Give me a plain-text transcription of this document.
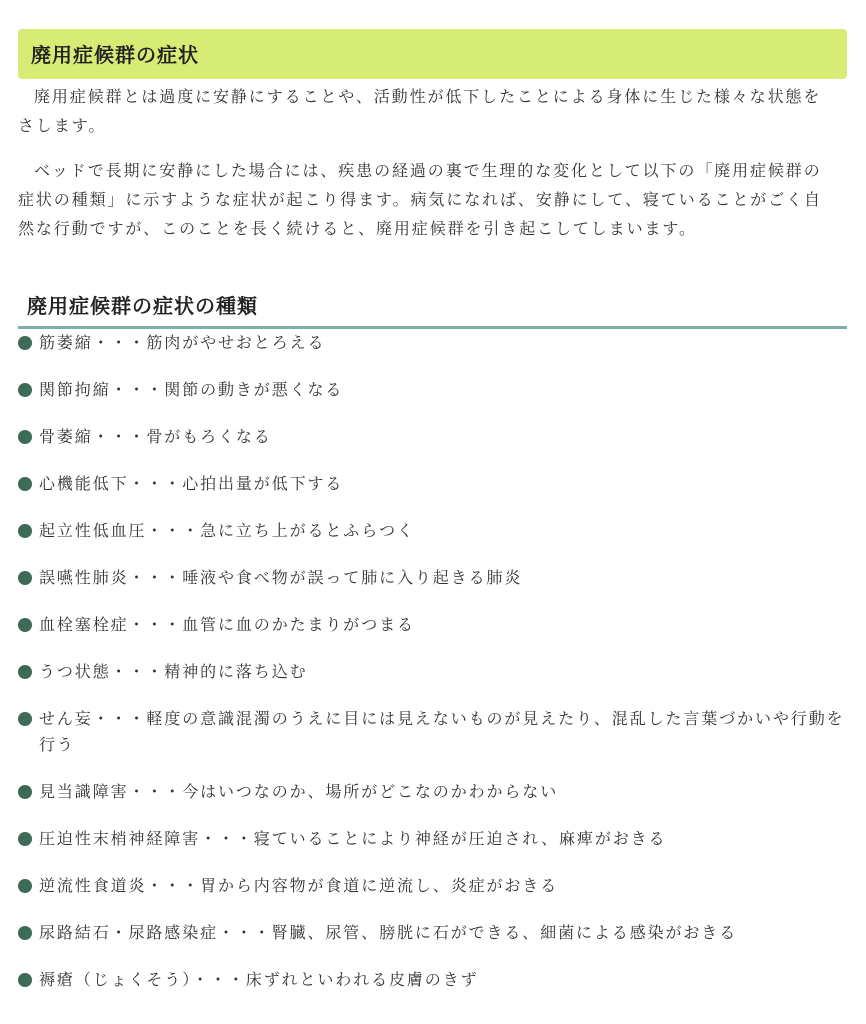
廃用症候群の症状

廃用症候群とは過度に安静にすることや、活動性が低下したことによる身体に生じた様々な状態をさします。

ベッドで長期に安静にした場合には、疾患の経過の裏で生理的な変化として以下の「廃用症候群の症状の種類」に示すような症状が起こり得ます。病気になれば、安静にして、寝ていることがごく自然な行動ですが、このことを長く続けると、廃用症候群を引き起こしてしまいます。

廃用症候群の症状の種類
筋萎縮・・・筋肉がやせおとろえる
関節拘縮・・・関節の動きが悪くなる
骨萎縮・・・骨がもろくなる
心機能低下・・・心拍出量が低下する
起立性低血圧・・・急に立ち上がるとふらつく
誤嚥性肺炎・・・唾液や食べ物が誤って肺に入り起きる肺炎
血栓塞栓症・・・血管に血のかたまりがつまる
うつ状態・・・精神的に落ち込む
せん妄・・・軽度の意識混濁のうえに目には見えないものが見えたり、混乱した言葉づかいや行動を行う
見当識障害・・・今はいつなのか、場所がどこなのかわからない
圧迫性末梢神経障害・・・寝ていることにより神経が圧迫され、麻痺がおきる
逆流性食道炎・・・胃から内容物が食道に逆流し、炎症がおきる
尿路結石・尿路感染症・・・腎臓、尿管、膀胱に石ができる、細菌による感染がおきる
褥瘡（じょくそう）・・・床ずれといわれる皮膚のきず
